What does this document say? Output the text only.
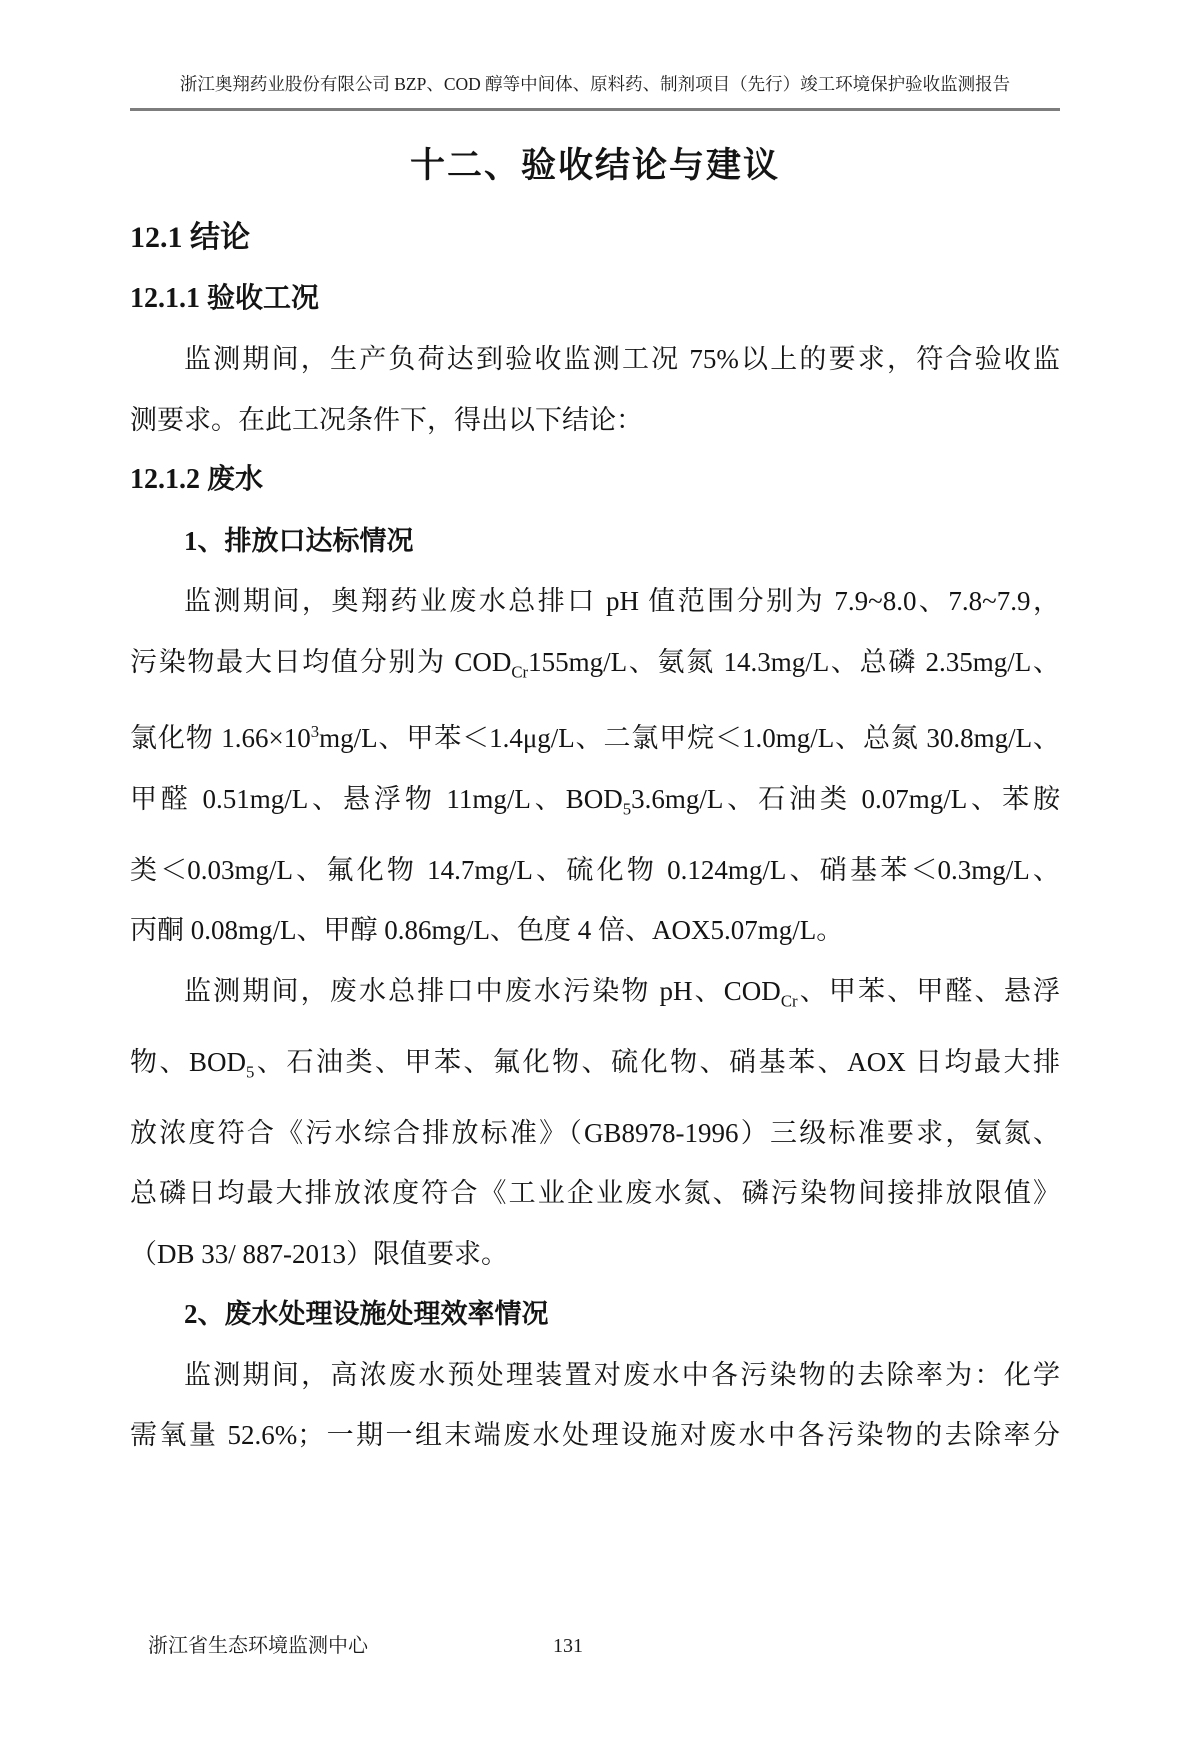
浙江奥翔药业股份有限公司 BZP、COD 醇等中间体、原料药、制剂项目（先行）竣工环境保护验收监测报告
十二、验收结论与建议
12.1 结论
12.1.1 验收工况
监测期间，生产负荷达到验收监测工况 75%以上的要求，符合验收监
测要求。在此工况条件下，得出以下结论：
12.1.2 废水
1、排放口达标情况
监测期间，奥翔药业废水总排口 pH 值范围分别为 7.9~8.0、7.8~7.9，
污染物最大日均值分别为 $COD_{Cr}155mg/L$、氨氮 14.3mg/L、总磷 2.35mg/L、
氯化物 $1.66\times 10^3mg/L$、甲苯＜1.4μg/L、二氯甲烷＜1.0mg/L、总氮 30.8mg/L、
甲醛 0.51mg/L、悬浮物 11mg/L、$BOD_53.6mg/L$、石油类 0.07mg/L、苯胺
类＜0.03mg/L、氟化物 14.7mg/L、硫化物 0.124mg/L、硝基苯＜0.3mg/L、
丙酮 0.08mg/L、甲醇 0.86mg/L、色度 4 倍、AOX5.07mg/L。
监测期间，废水总排口中废水污染物 pH、$COD_{Cr}$、甲苯、甲醛、悬浮
物、$BOD_5$、石油类、甲苯、氟化物、硫化物、硝基苯、AOX 日均最大排
放浓度符合《污水综合排放标准》（GB8978-1996）三级标准要求，氨氮、
总磷日均最大排放浓度符合《工业企业废水氮、磷污染物间接排放限值》
（DB 33/ 887-2013）限值要求。
2、废水处理设施处理效率情况
监测期间，高浓废水预处理装置对废水中各污染物的去除率为：化学
需氧量 52.6%；一期一组末端废水处理设施对废水中各污染物的去除率分
浙江省生态环境监测中心	131
